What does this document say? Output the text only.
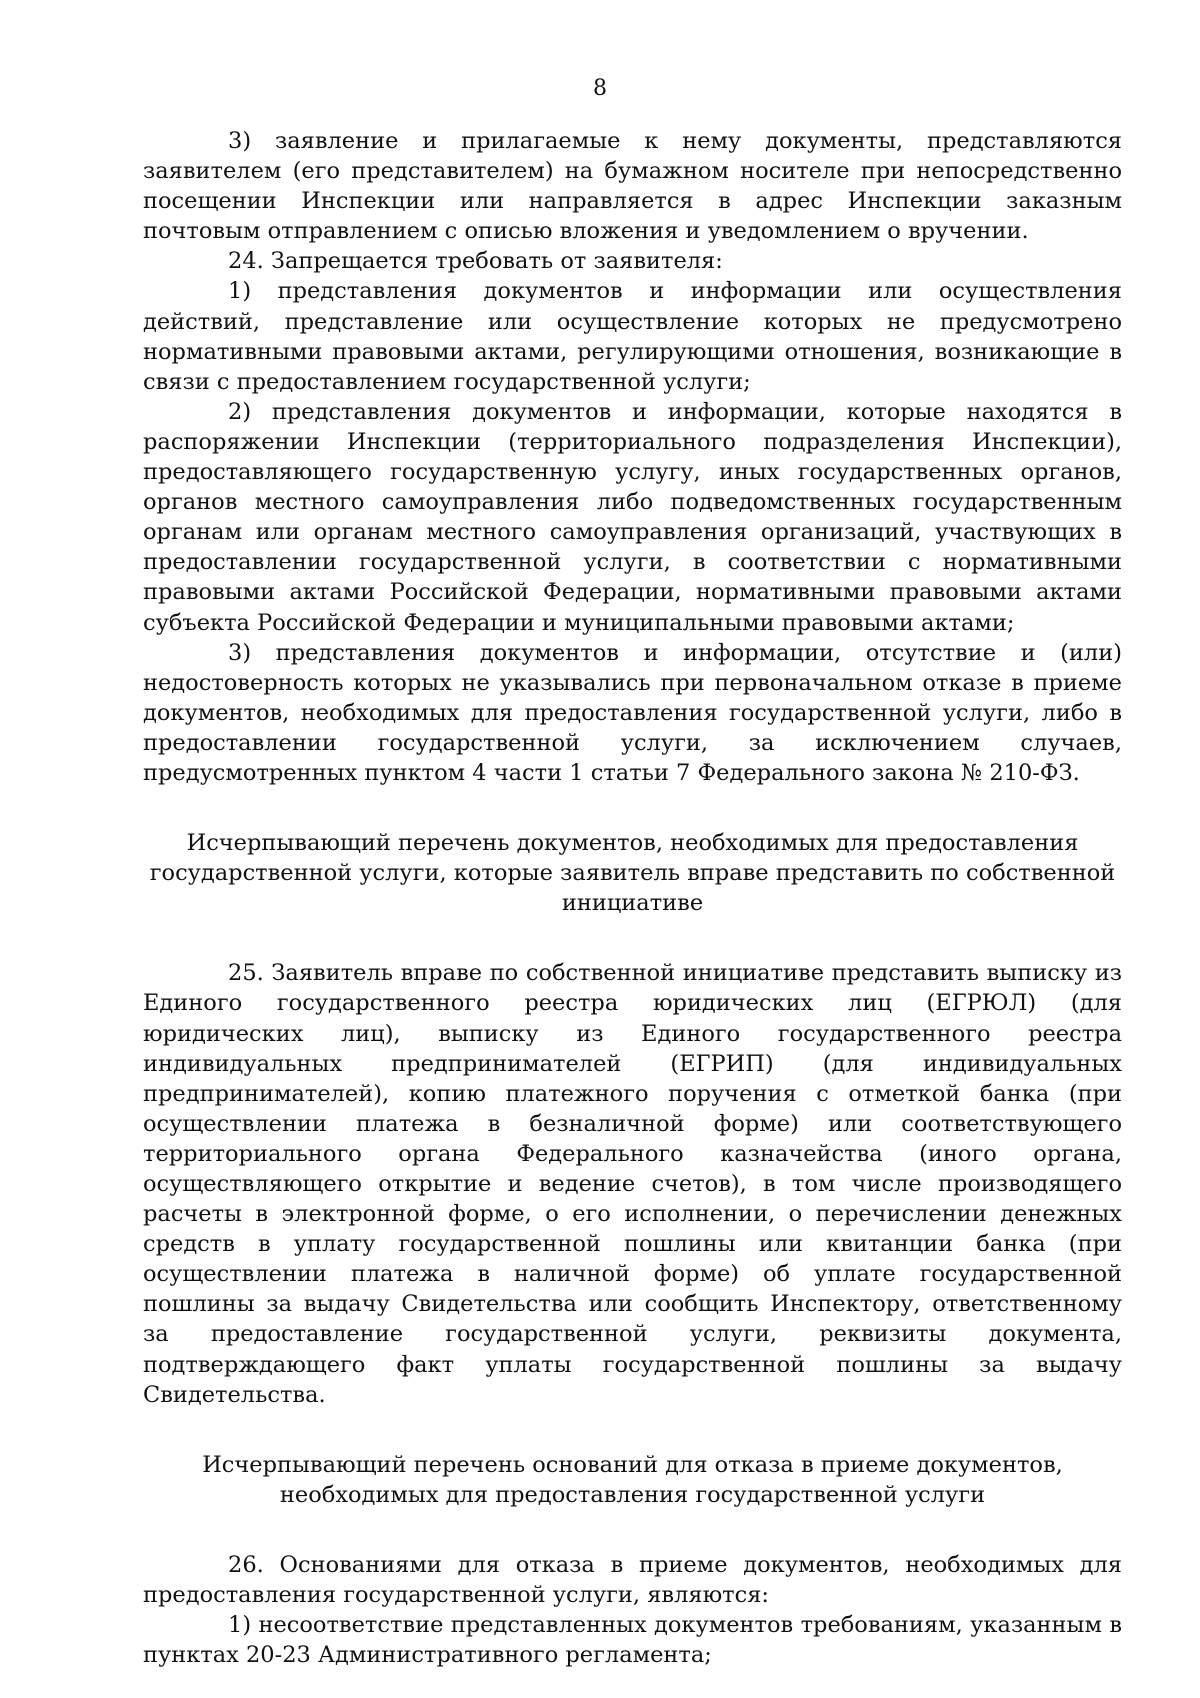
8

3) заявление и прилагаемые к нему документы, представляются заявителем (его представителем) на бумажном носителе при непосредственно посещении Инспекции или направляется в адрес Инспекции заказным почтовым отправлением с описью вложения и уведомлением о вручении.

24. Запрещается требовать от заявителя:

1) представления документов и информации или осуществления действий, представление или осуществление которых не предусмотрено нормативными правовыми актами, регулирующими отношения, возникающие в связи с предоставлением государственной услуги;

2) представления документов и информации, которые находятся в распоряжении Инспекции (территориального подразделения Инспекции), предоставляющего государственную услугу, иных государственных органов, органов местного самоуправления либо подведомственных государственным органам или органам местного самоуправления организаций, участвующих в предоставлении государственной услуги, в соответствии с нормативными правовыми актами Российской Федерации, нормативными правовыми актами субъекта Российской Федерации и муниципальными правовыми актами;

3) представления документов и информации, отсутствие и (или) недостоверность которых не указывались при первоначальном отказе в приеме документов, необходимых для предоставления государственной услуги, либо в предоставлении государственной услуги, за исключением случаев, предусмотренных пунктом 4 части 1 статьи 7 Федерального закона № 210-ФЗ.

Исчерпывающий перечень документов, необходимых для предоставления государственной услуги, которые заявитель вправе представить по собственной инициативе

25. Заявитель вправе по собственной инициативе представить выписку из Единого государственного реестра юридических лиц (ЕГРЮЛ) (для юридических лиц), выписку из Единого государственного реестра индивидуальных предпринимателей (ЕГРИП) (для индивидуальных предпринимателей), копию платежного поручения с отметкой банка (при осуществлении платежа в безналичной форме) или соответствующего территориального органа Федерального казначейства (иного органа, осуществляющего открытие и ведение счетов), в том числе производящего расчеты в электронной форме, о его исполнении, о перечислении денежных средств в уплату государственной пошлины или квитанции банка (при осуществлении платежа в наличной форме) об уплате государственной пошлины за выдачу Свидетельства или сообщить Инспектору, ответственному за предоставление государственной услуги, реквизиты документа, подтверждающего факт уплаты государственной пошлины за выдачу Свидетельства.

Исчерпывающий перечень оснований для отказа в приеме документов, необходимых для предоставления государственной услуги

26. Основаниями для отказа в приеме документов, необходимых для предоставления государственной услуги, являются:

1) несоответствие представленных документов требованиям, указанным в пунктах 20-23 Административного регламента;
